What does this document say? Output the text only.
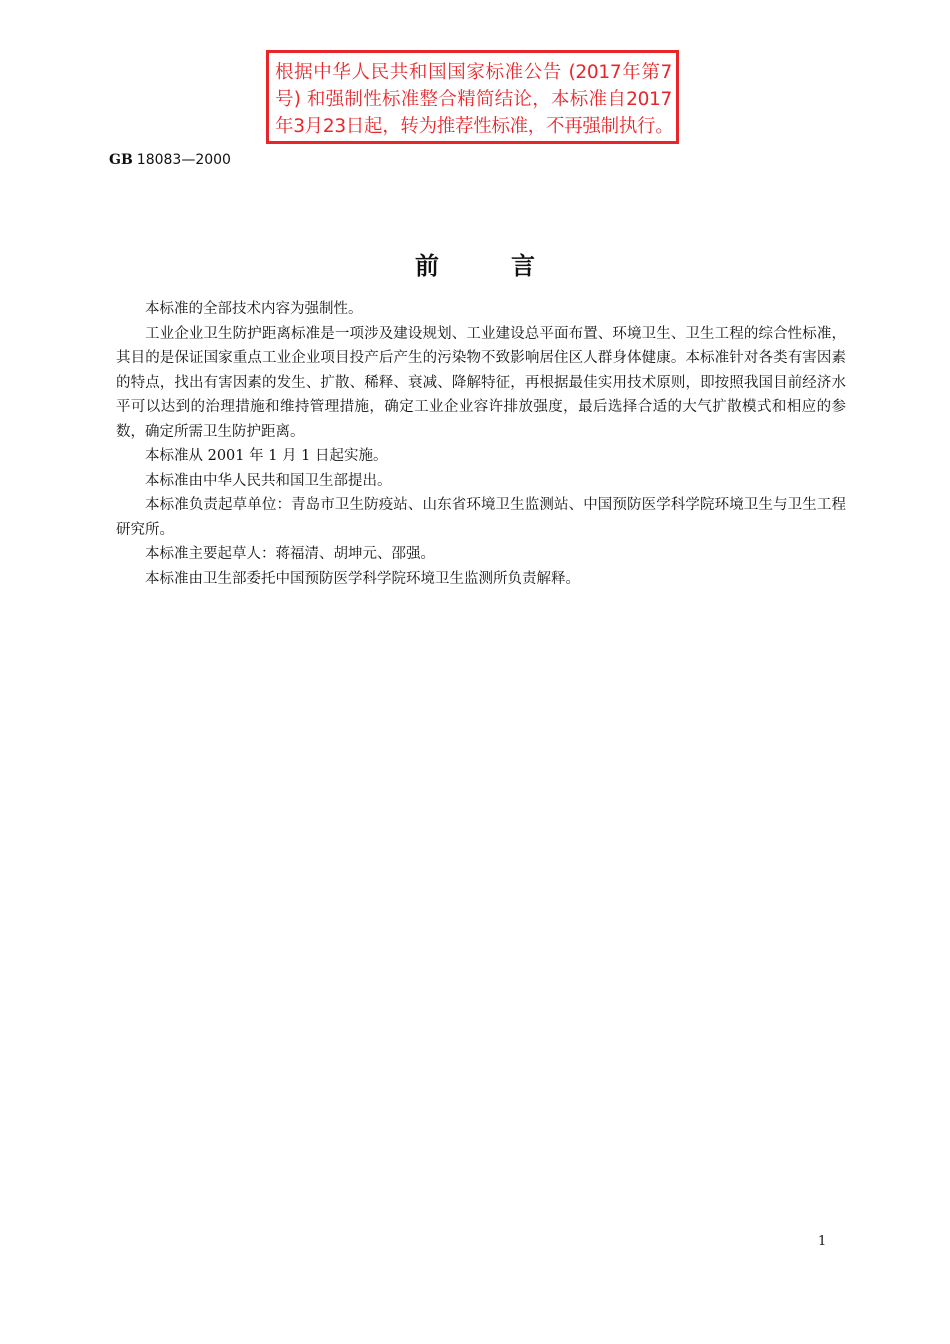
根据中华人民共和国国家标准公告 (2017年第7
号) 和强制性标准整合精简结论，本标准自2017
年3月23日起，转为推荐性标准，不再强制执行。
GB 18083—2000
前言

本标准的全部技术内容为强制性。

工业企业卫生防护距离标准是一项涉及建设规划、工业建设总平面布置、环境卫生、卫生工程的综合性标准，其目的是保证国家重点工业企业项目投产后产生的污染物不致影响居住区人群身体健康。本标准针对各类有害因素的特点，找出有害因素的发生、扩散、稀释、衰减、降解特征，再根据最佳实用技术原则，即按照我国目前经济水平可以达到的治理措施和维持管理措施，确定工业企业容许排放强度，最后选择合适的大气扩散模式和相应的参数，确定所需卫生防护距离。

本标准从 2001 年 1 月 1 日起实施。

本标准由中华人民共和国卫生部提出。

本标准负责起草单位：青岛市卫生防疫站、山东省环境卫生监测站、中国预防医学科学院环境卫生与卫生工程研究所。

本标准主要起草人：蒋福清、胡坤元、邵强。

本标准由卫生部委托中国预防医学科学院环境卫生监测所负责解释。

1
